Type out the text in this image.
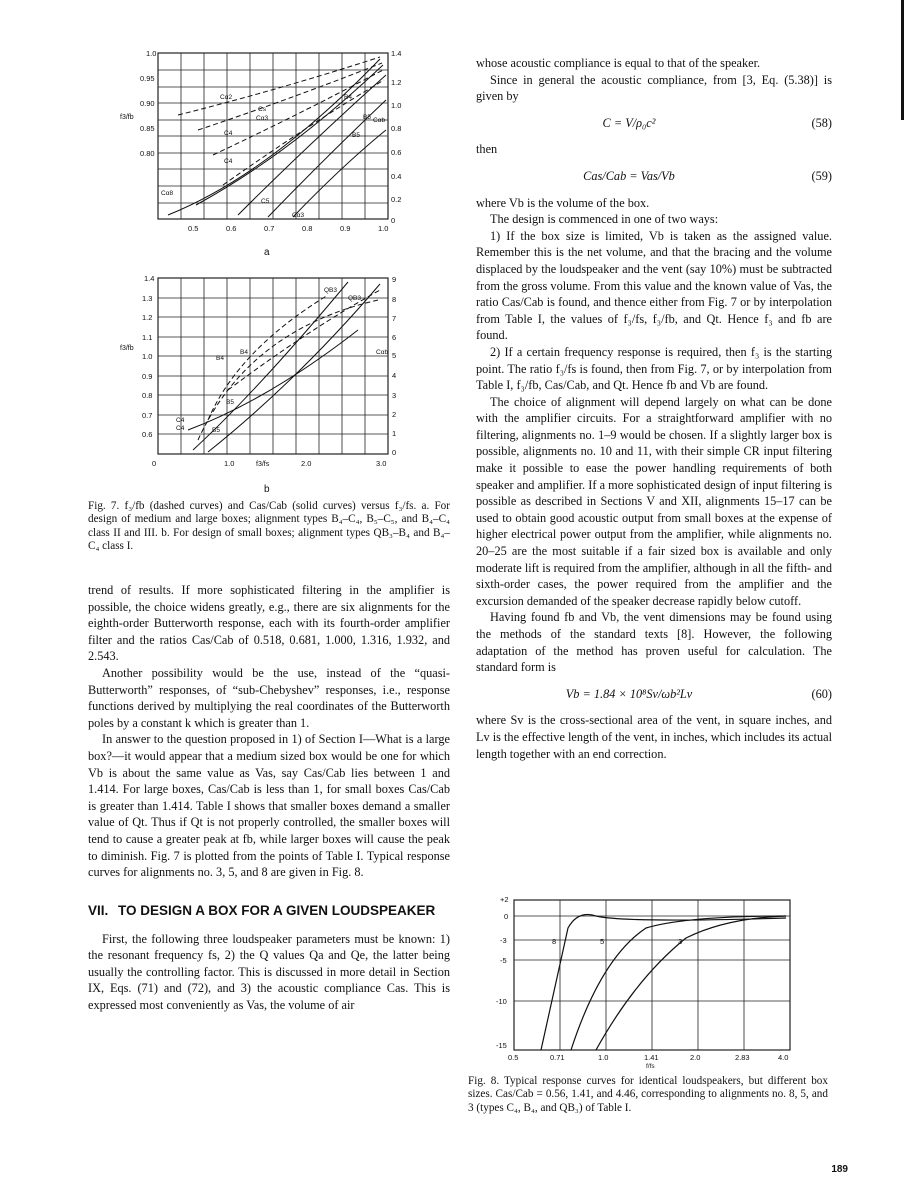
1.0
0.95
0.90
0.85
0.80
1.4
1.2
1.0
0.8
0.6
0.4
0.2
0
0.5	0.6	0.7	0.8	0.9	1.0
f3/fb
Cα2
Cs
Cα3
C4
C4
C5
Cα8
Cα3
B4
B5
B5
Cαb
a
1.4
1.3
1.2
1.1
1.0
0.9
0.8
0.7
0.6
9
8
7
6
5
4
3
2
1
0
0	1.0	2.0	3.0
f3/fb
f3/fs
QB3
QB3
B4
B4
B5
B5
C4
C4
Cαb
b
Fig. 7. f₃/fb (dashed curves) and Cas/Cab (solid curves) versus f₃/fs. a. For design of medium and large boxes; alignment types B₄–C₄, B₅–C₅, and B₄–C₄ class II and III. b. For design of small boxes; alignment types QB₃–B₄ and B₄–C₄ class I.

trend of results. If more sophisticated filtering in the amplifier is possible, the choice widens greatly, e.g., there are six alignments for the eighth-order Butterworth response, each with its fourth-order amplifier filter and the ratios Cas/Cab of 0.518, 0.681, 1.000, 1.316, 1.932, and 2.543.

Another possibility would be the use, instead of the “quasi-Butterworth” responses, of “sub-Chebyshev” responses, i.e., response functions derived by multiplying the real coordinates of the Butterworth poles by a constant k which is greater than 1.

In answer to the question proposed in 1) of Section I—What is a large box?—it would appear that a medium sized box would be one for which Vb is about the same value as Vas, say Cas/Cab lies between 1 and 1.414. For large boxes, Cas/Cab is less than 1, for small boxes Cas/Cab is greater than 1.414. Table I shows that smaller boxes demand a smaller value of Qt. Thus if Qt is not properly controlled, the smaller boxes will tend to cause a greater peak at fb, while larger boxes will cause the peak to diminish. Fig. 7 is plotted from the points of Table I. Typical response curves for alignments no. 3, 5, and 8 are given in Fig. 8.

VII. TO DESIGN A BOX FOR A GIVEN LOUDSPEAKER

First, the following three loudspeaker parameters must be known: 1) the resonant frequency fs, 2) the Q values Qa and Qe, the latter being usually the controlling factor. This is discussed in more detail in Section IX, Eqs. (71) and (72), and 3) the acoustic compliance Cas. This is expressed most conveniently as Vas, the volume of air

whose acoustic compliance is equal to that of the speaker.

Since in general the acoustic compliance, from [3, Eq. (5.38)] is given by

C = V/ρ₀c²	(58)

then

Cas/Cab = Vas/Vb	(59)

where Vb is the volume of the box.

The design is commenced in one of two ways:

1) If the box size is limited, Vb is taken as the assigned value. Remember this is the net volume, and that the bracing and the volume displaced by the loudspeaker and the vent (say 10%) must be subtracted from the gross volume. From this value and the known value of Vas, the ratio Cas/Cab is found, and thence either from Fig. 7 or by interpolation from Table I, the values of f₃/fs, f₃/fb, and Qt. Hence f₃ and fb are found.

2) If a certain frequency response is required, then f₃ is the starting point. The ratio f₃/fs is found, then from Fig. 7, or by interpolation from Table I, f₃/fb, Cas/Cab, and Qt. Hence fb and Vb are found.

The choice of alignment will depend largely on what can be done with the amplifier circuits. For a straightforward amplifier with no filtering, alignments no. 1–9 would be chosen. If a slightly larger box is possible, alignments no. 10 and 11, with their simple CR input filtering make it possible to ease the power handling requirements of both speaker and amplifier. If a more sophisticated design of input filtering is possible as described in Sections V and XII, alignments 15–17 can be used to obtain good acoustic output from small boxes at the expense of higher electrical power output from the amplifier, while alignments no. 20–25 are the most suitable if a fair sized box is available and only moderate lift is required from the amplifier, although in all the fifth- and sixth-order cases, the power required from the amplifier and the excursion demanded of the speaker decrease rapidly below cutoff.

Having found fb and Vb, the vent dimensions may be found using the methods of the standard texts [8]. However, the following adaptation of the method has proven useful for calculation. The standard form is

Vb = 1.84 × 10⁸Sv/ωb²Lv	(60)

where Sv is the cross-sectional area of the vent, in square inches, and Lv is the effective length of the vent, in inches, which includes its actual length together with an end correction.

+2
0
-3
-5
-10
-15
0.5	0.71	1.0	1.41	2.0	2.83	4.0
f/fs
8	5	3
Fig. 8. Typical response curves for identical loudspeakers, but different box sizes. Cas/Cab = 0.56, 1.41, and 4.46, corresponding to alignments no. 8, 5, and 3 (types C₄, B₄, and QB₃) of Table I.
189
